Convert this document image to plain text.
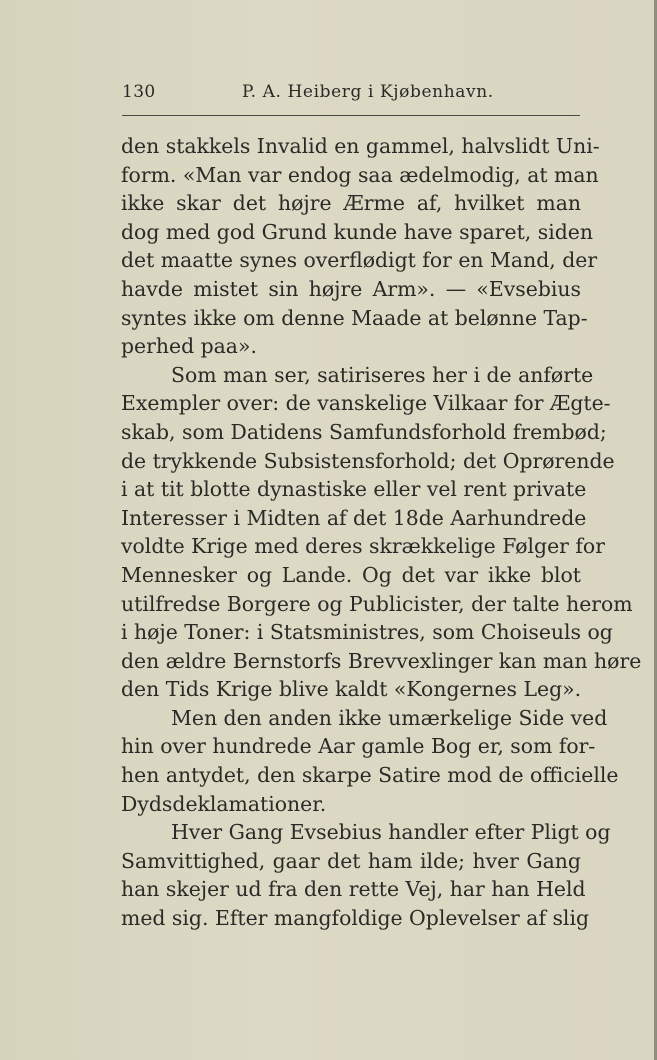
130	P. A. Heiberg i Kjøbenhavn.
den stakkels Invalid en gammel, halvslidt Uni-
form. «Man var endog saa ædelmodig, at man
ikke skar det højre Ærme af, hvilket man
dog med god Grund kunde have sparet, siden
det maatte synes overflødigt for en Mand, der
havde mistet sin højre Arm». — «Evsebius
syntes ikke om denne Maade at belønne Tap-
perhed paa».
Som man ser, satiriseres her i de anførte
Exempler over: de vanskelige Vilkaar for Ægte-
skab, som Datidens Samfundsforhold frembød;
de trykkende Subsistensforhold; det Oprørende
i at tit blotte dynastiske eller vel rent private
Interesser i Midten af det 18de Aarhundrede
voldte Krige med deres skrækkelige Følger for
Mennesker og Lande. Og det var ikke blot
utilfredse Borgere og Publicister, der talte herom
i høje Toner: i Statsministres, som Choiseuls og
den ældre Bernstorfs Brevvexlinger kan man høre
den Tids Krige blive kaldt «Kongernes Leg».
Men den anden ikke umærkelige Side ved
hin over hundrede Aar gamle Bog er, som for-
hen antydet, den skarpe Satire mod de officielle
Dydsdeklamationer.
Hver Gang Evsebius handler efter Pligt og
Samvittighed, gaar det ham ilde; hver Gang
han skejer ud fra den rette Vej, har han Held
med sig. Efter mangfoldige Oplevelser af slig
